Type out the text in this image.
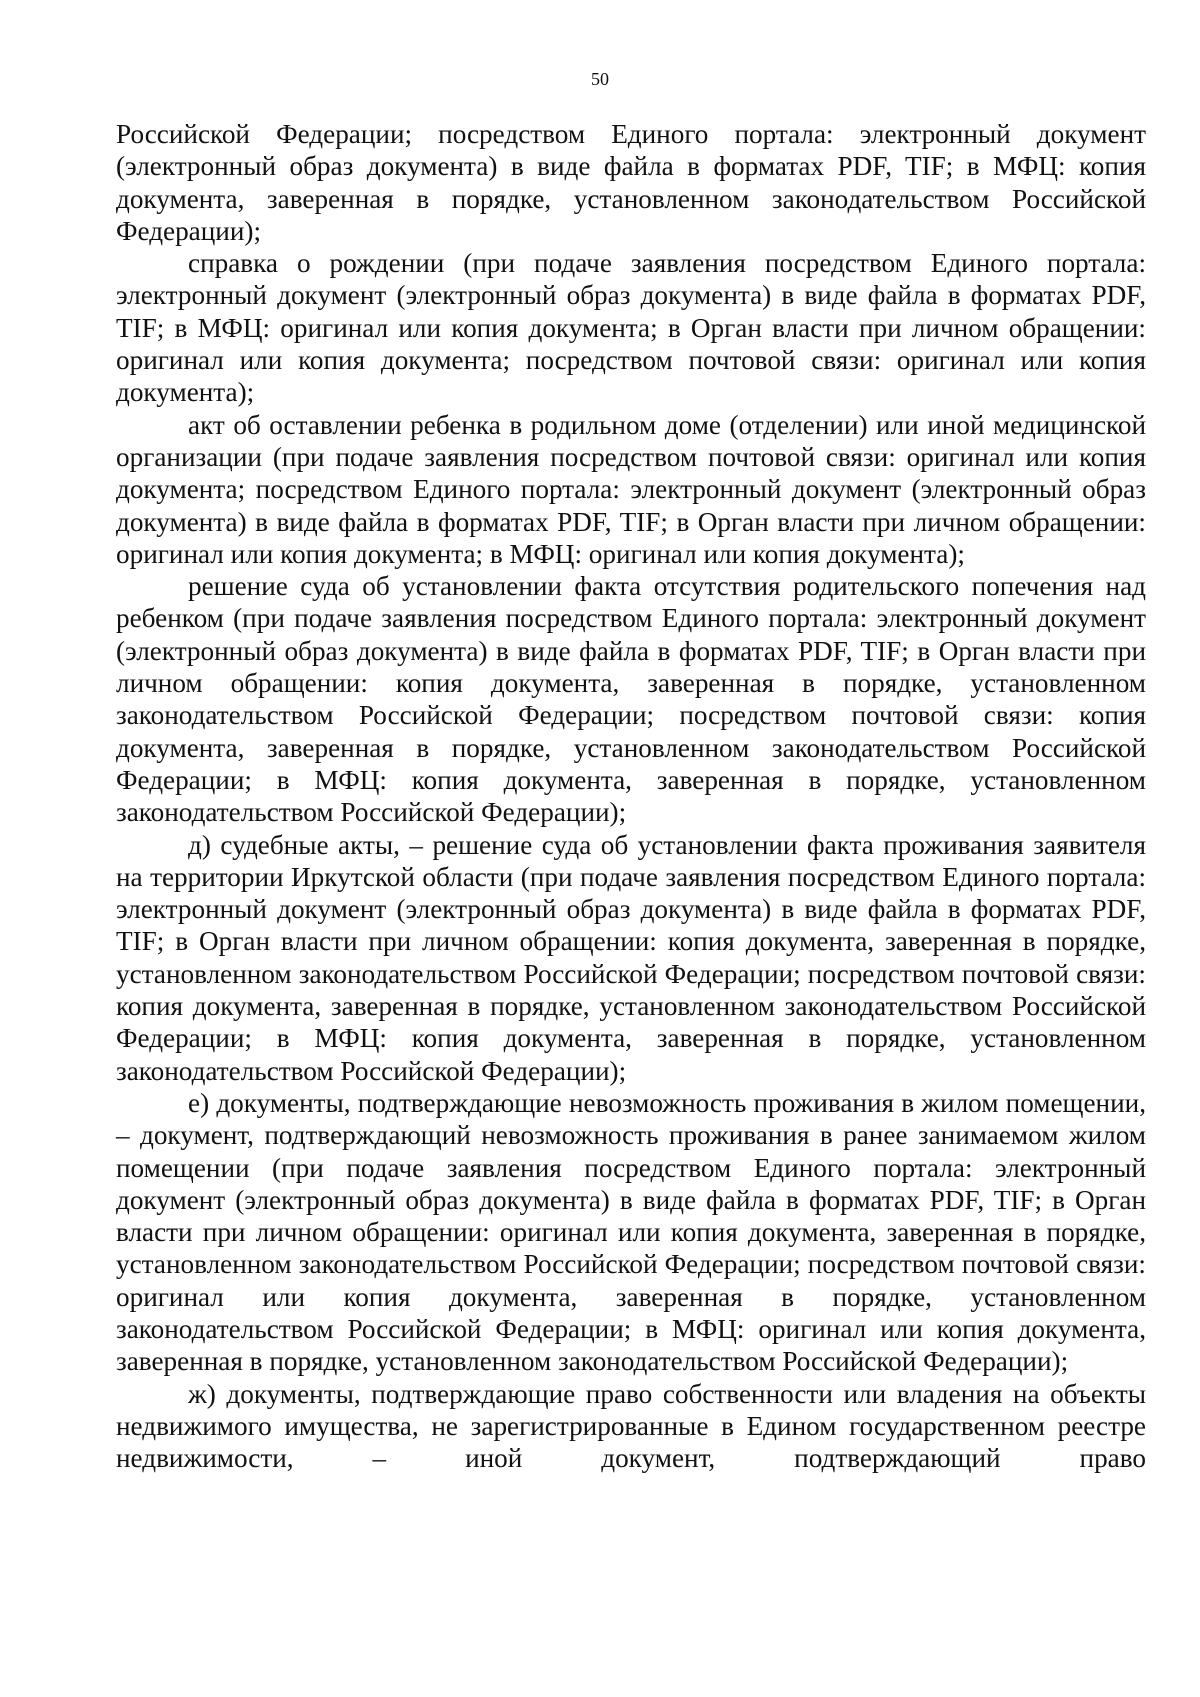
50

Российской Федерации; посредством Единого портала: электронный документ (электронный образ документа) в виде файла в форматах PDF, TIF; в МФЦ: копия документа, заверенная в порядке, установленном законодательством Российской Федерации);

справка о рождении (при подаче заявления посредством Единого портала: электронный документ (электронный образ документа) в виде файла в форматах PDF, TIF; в МФЦ: оригинал или копия документа; в Орган власти при личном обращении: оригинал или копия документа; посредством почтовой связи: оригинал или копия документа);

акт об оставлении ребенка в родильном доме (отделении) или иной медицинской организации (при подаче заявления посредством почтовой связи: оригинал или копия документа; посредством Единого портала: электронный документ (электронный образ документа) в виде файла в форматах PDF, TIF; в Орган власти при личном обращении: оригинал или копия документа; в МФЦ: оригинал или копия документа);

решение суда об установлении факта отсутствия родительского попечения над ребенком (при подаче заявления посредством Единого портала: электронный документ (электронный образ документа) в виде файла в форматах PDF, TIF; в Орган власти при личном обращении: копия документа, заверенная в порядке, установленном законодательством Российской Федерации; посредством почтовой связи: копия документа, заверенная в порядке, установленном законодательством Российской Федерации; в МФЦ: копия документа, заверенная в порядке, установленном законодательством Российской Федерации);

д) судебные акты, – решение суда об установлении факта проживания заявителя на территории Иркутской области (при подаче заявления посредством Единого портала: электронный документ (электронный образ документа) в виде файла в форматах PDF, TIF; в Орган власти при личном обращении: копия документа, заверенная в порядке, установленном законодательством Российской Федерации; посредством почтовой связи: копия документа, заверенная в порядке, установленном законодательством Российской Федерации; в МФЦ: копия документа, заверенная в порядке, установленном законодательством Российской Федерации);

е) документы, подтверждающие невозможность проживания в жилом помещении, – документ, подтверждающий невозможность проживания в ранее занимаемом жилом помещении (при подаче заявления посредством Единого портала: электронный документ (электронный образ документа) в виде файла в форматах PDF, TIF; в Орган власти при личном обращении: оригинал или копия документа, заверенная в порядке, установленном законодательством Российской Федерации; посредством почтовой связи: оригинал или копия документа, заверенная в порядке, установленном законодательством Российской Федерации; в МФЦ: оригинал или копия документа, заверенная в порядке, установленном законодательством Российской Федерации);

ж) документы, подтверждающие право собственности или владения на объекты недвижимого имущества, не зарегистрированные в Едином государственном реестре недвижимости, – иной документ, подтверждающий право
